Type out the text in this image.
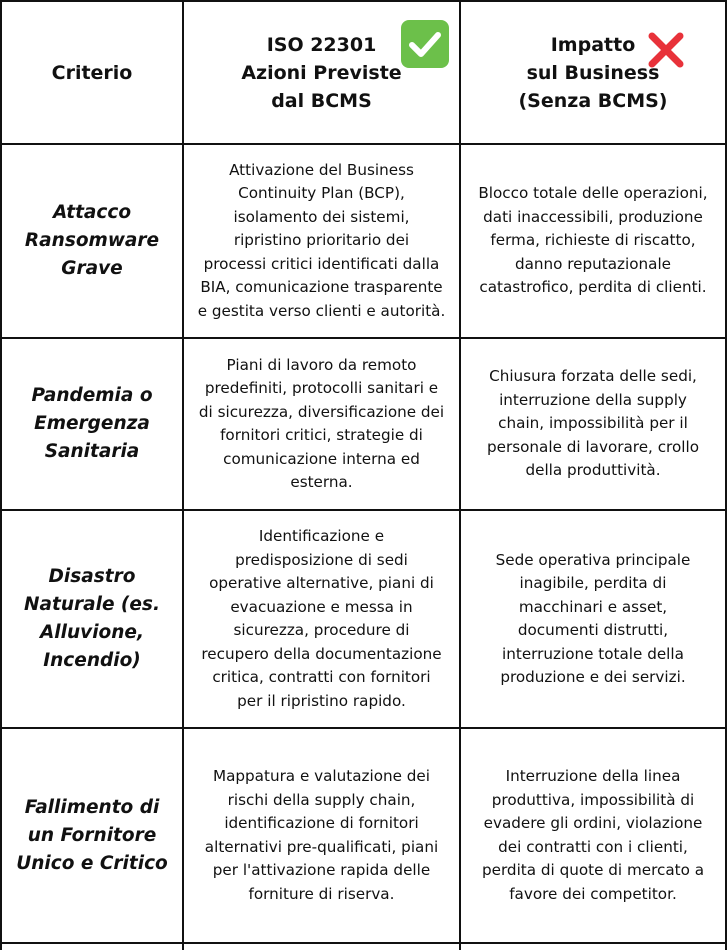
Criterio
ISO 22301
Azioni Previste
dal BCMS
Impatto
sul Business
(Senza BCMS)
Attacco
Ransomware
Grave
Attivazione del Business
Continuity Plan (BCP),
isolamento dei sistemi,
ripristino prioritario dei
processi critici identificati dalla
BIA, comunicazione trasparente
e gestita verso clienti e autorità.
Blocco totale delle operazioni,
dati inaccessibili, produzione
ferma, richieste di riscatto,
danno reputazionale
catastrofico, perdita di clienti.
Pandemia o
Emergenza
Sanitaria
Piani di lavoro da remoto
predefiniti, protocolli sanitari e
di sicurezza, diversificazione dei
fornitori critici, strategie di
comunicazione interna ed
esterna.
Chiusura forzata delle sedi,
interruzione della supply
chain, impossibilità per il
personale di lavorare, crollo
della produttività.
Disastro
Naturale (es.
Alluvione,
Incendio)
Identificazione e
predisposizione di sedi
operative alternative, piani di
evacuazione e messa in
sicurezza, procedure di
recupero della documentazione
critica, contratti con fornitori
per il ripristino rapido.
Sede operativa principale
inagibile, perdita di
macchinari e asset,
documenti distrutti,
interruzione totale della
produzione e dei servizi.
Fallimento di
un Fornitore
Unico e Critico
Mappatura e valutazione dei
rischi della supply chain,
identificazione di fornitori
alternativi pre-qualificati, piani
per l'attivazione rapida delle
forniture di riserva.
Interruzione della linea
produttiva, impossibilità di
evadere gli ordini, violazione
dei contratti con i clienti,
perdita di quote di mercato a
favore dei competitor.
